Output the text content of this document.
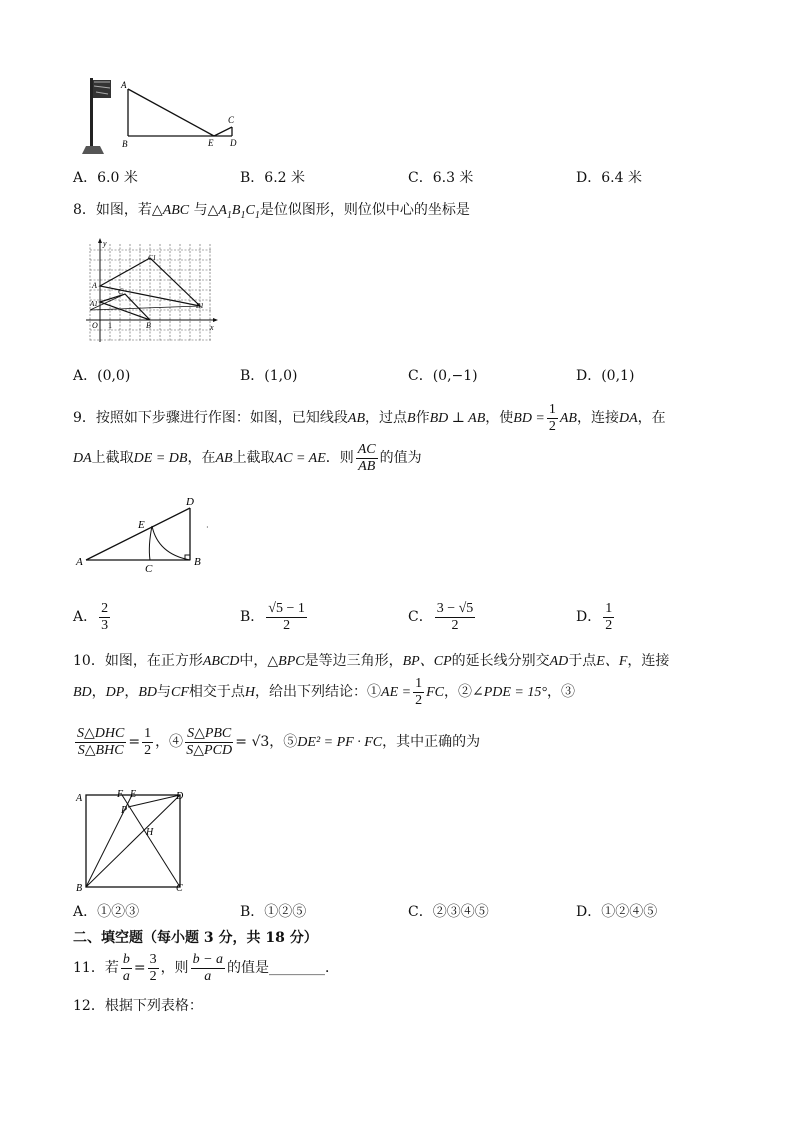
A
B
C
D
E
A．6.0 米	B．6.2 米	C．6.3 米	D．6.4 米
8．如图，若△ABC 与$\triangle A_1B_1C_1$是位似图形，则位似中心的坐标是
y
x
O 1
A
B
C
B1
C1
A1
A．(0,0)	B．(1,0)	C．(0,−1)	D．(0,1)
9．按照如下步骤进行作图：如图，已知线段AB，过点B作BD ⊥ AB，使BD = $\frac{1}{2}$ AB，连接DA，在
DA上截取DE = DB，在AB上截取AC = AE．则 $\frac{AC}{AB}$ 的值为
A	B
C
D
E	·
A． $\frac{2}{3}$	B． $\frac{√5 - 1}{2}$	C． $\frac{3 - √5}{2}$	D． $\frac{1}{2}$
10．如图，在正方形ABCD中，△BPC是等边三角形，BP、CP的延长线分别交AD于点E、F，连接
BD，DP，BD与CF相交于点H，给出下列结论：①AE = $\frac{1}{2}$ FC，②∠PDE = 15°，③
$\frac{\text{S△DHC}}{\text{S△BHC}} = \frac{1}{2}$ ，④ $\frac{\text{S△PBC}}{\text{S△PCD}} = √3$，⑤DE² = PF · FC，其中正确的为
A
B	C
D
E
F
P
H
A．①②③	B．①②⑤	C．②③④⑤	D．①②④⑤
二、填空题（每小题 3 分，共 18 分）
11．若 $\frac{b}{a} = \frac{3}{2}$ ，则 $\frac{b - a}{a}$ 的值是________．
12．根据下列表格：
